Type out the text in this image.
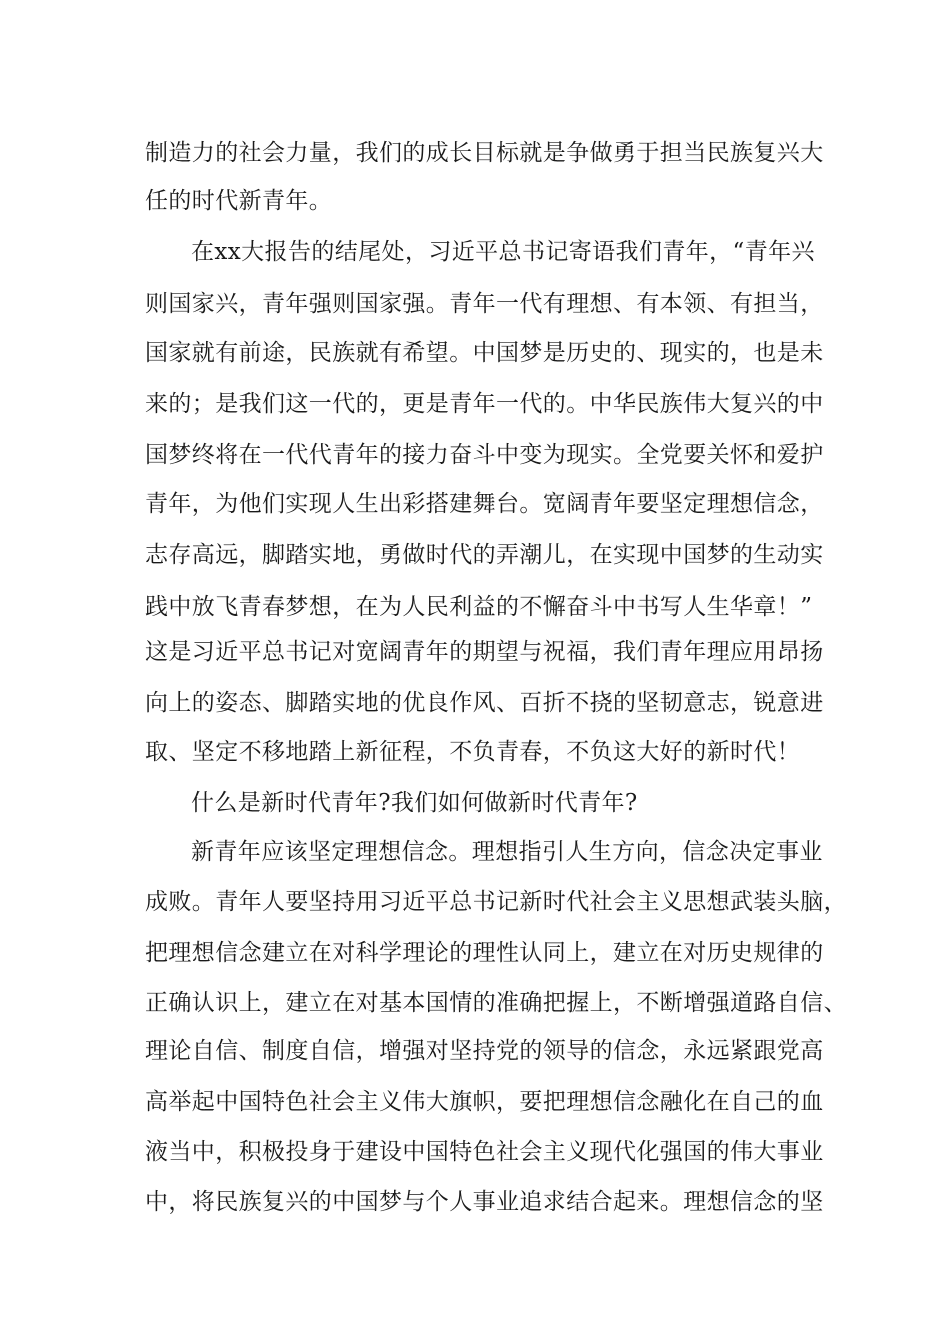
制造力的社会力量，我们的成长目标就是争做勇于担当民族复兴大
任的时代新青年。
在xx大报告的结尾处，习近平总书记寄语我们青年，“青年兴
则国家兴，青年强则国家强。青年一代有理想、有本领、有担当，
国家就有前途，民族就有希望。中国梦是历史的、现实的，也是未
来的；是我们这一代的，更是青年一代的。中华民族伟大复兴的中
国梦终将在一代代青年的接力奋斗中变为现实。全党要关怀和爱护
青年，为他们实现人生出彩搭建舞台。宽阔青年要坚定理想信念，
志存高远，脚踏实地，勇做时代的弄潮儿，在实现中国梦的生动实
践中放飞青春梦想，在为人民利益的不懈奋斗中书写人生华章！”
这是习近平总书记对宽阔青年的期望与祝福，我们青年理应用昂扬
向上的姿态、脚踏实地的优良作风、百折不挠的坚韧意志，锐意进
取、坚定不移地踏上新征程，不负青春，不负这大好的新时代！
什么是新时代青年?我们如何做新时代青年?
新青年应该坚定理想信念。理想指引人生方向，信念决定事业
成败。青年人要坚持用习近平总书记新时代社会主义思想武装头脑，
把理想信念建立在对科学理论的理性认同上，建立在对历史规律的
正确认识上，建立在对基本国情的准确把握上，不断增强道路自信、
理论自信、制度自信，增强对坚持党的领导的信念，永远紧跟党高
高举起中国特色社会主义伟大旗帜，要把理想信念融化在自己的血
液当中，积极投身于建设中国特色社会主义现代化强国的伟大事业
中，将民族复兴的中国梦与个人事业追求结合起来。理想信念的坚
